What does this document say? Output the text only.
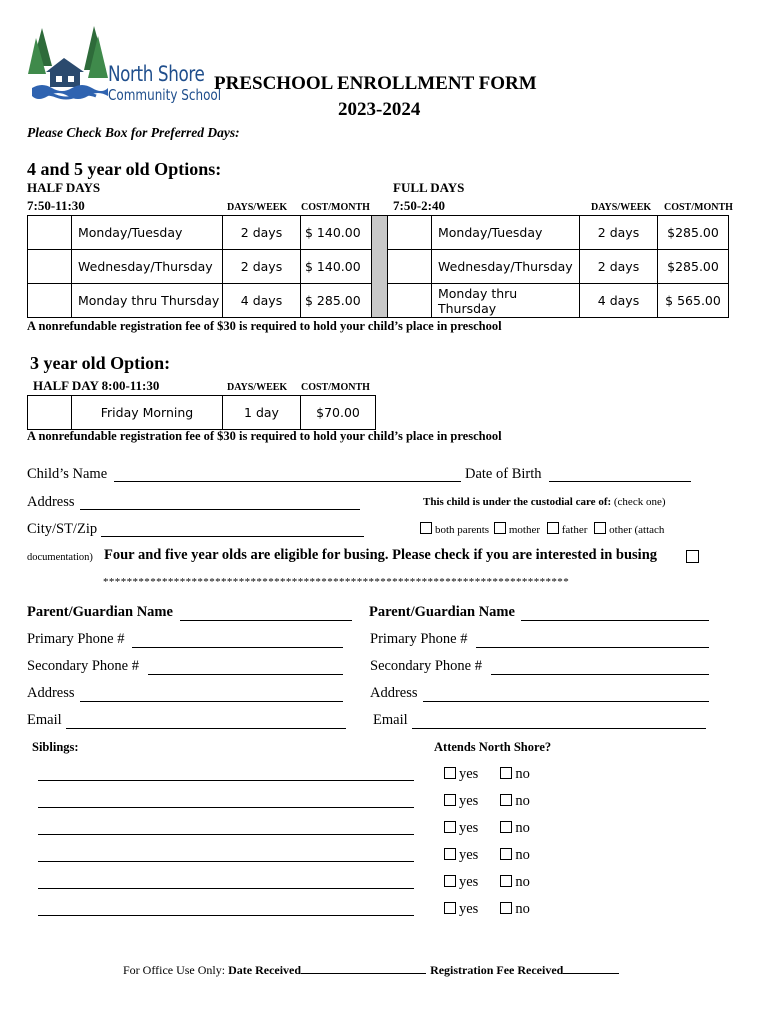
North Shore
Community School
PRESCHOOL ENROLLMENT FORM
2023-2024
Please Check Box for Preferred Days:
4 and 5 year old Options:
HALF DAYS
7:50-11:30	DAYS/WEEK COST/MONTH
FULL DAYS
7:50-2:40	DAYS/WEEK COST/MONTH
	Monday/Tuesday	2 days	$ 140.00			Monday/Tuesday	2 days	$285.00
	Wednesday/Thursday	2 days	$ 140.00			Wednesday/Thursday	2 days	$285.00
	Monday thru Thursday	4 days	$ 285.00			Monday thru Thursday	4 days	$ 565.00
A nonrefundable registration fee of $30 is required to hold your child’s place in preschool
3 year old Option:
HALF DAY 8:00-11:30	DAYS/WEEK COST/MONTH
	Friday Morning	1 day	$70.00
A nonrefundable registration fee of $30 is required to hold your child’s place in preschool
Child’s Name	Date of Birth
Address	This child is under the custodial care of: (check one)
City/ST/Zip	both parents mother father other (attach
documentation) Four and five year olds are eligible for busing. Please check if you are interested in busing
*******************************************************************************
Parent/Guardian Name	Parent/Guardian Name
Primary Phone #	Primary Phone #
Secondary Phone #	Secondary Phone #
Address	Address
Email	Email
Siblings:	Attends North Shore?
yes	no
yes	no
yes	no
yes	no
yes	no
yes	no
For Office Use Only: Date Received	Registration Fee Received
